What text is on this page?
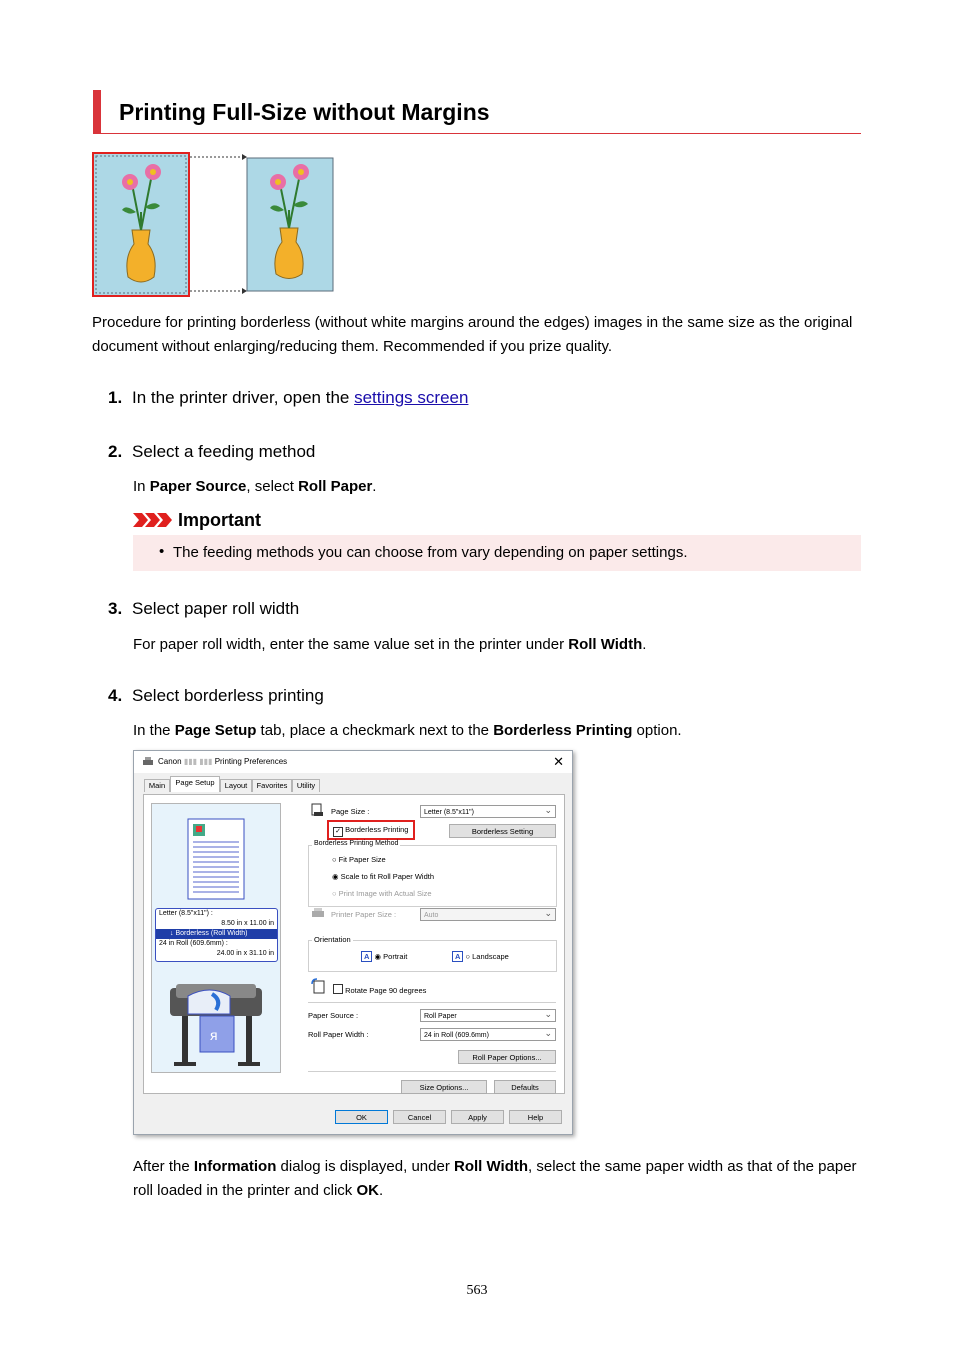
Printing Full-Size without Margins
Procedure for printing borderless (without white margins around the edges) images in the same size as the original document without enlarging/reducing them. Recommended if you prize quality.
1. In the printer driver, open the settings screen
2. Select a feeding method
In Paper Source, select Roll Paper.
Important
• The feeding methods you can choose from vary depending on paper settings.
3. Select paper roll width
For paper roll width, enter the same value set in the printer under Roll Width.
4. Select borderless printing
In the Page Setup tab, place a checkmark next to the Borderless Printing option.
Canon ▮▮▮ ▮▮▮ Printing Preferences	✕
Main	Page Setup	Layout	Favorites	Utility
Letter (8.5"x11") :
8.50 in x 11.00 in
↓ Borderless (Roll Width)
24 in Roll (609.6mm) :
24.00 in x 31.10 in
ᴙ
Page Size :	Letter (8.5"x11") ⌄
✓ Borderless Printing	Borderless Setting
Borderless Printing Method
○ Fit Paper Size
◉ Scale to fit Roll Paper Width
○ Print Image with Actual Size
Printer Paper Size :	Auto ⌄
Orientation
A ◉ Portrait	A ○ Landscape
Rotate Page 90 degrees
Paper Source :	Roll Paper ⌄
Roll Paper Width :	24 in Roll (609.6mm) ⌄
Roll Paper Options...
Size Options...	Defaults
OK	Cancel	Apply	Help
After the Information dialog is displayed, under Roll Width, select the same paper width as that of the paper roll loaded in the printer and click OK.
563
